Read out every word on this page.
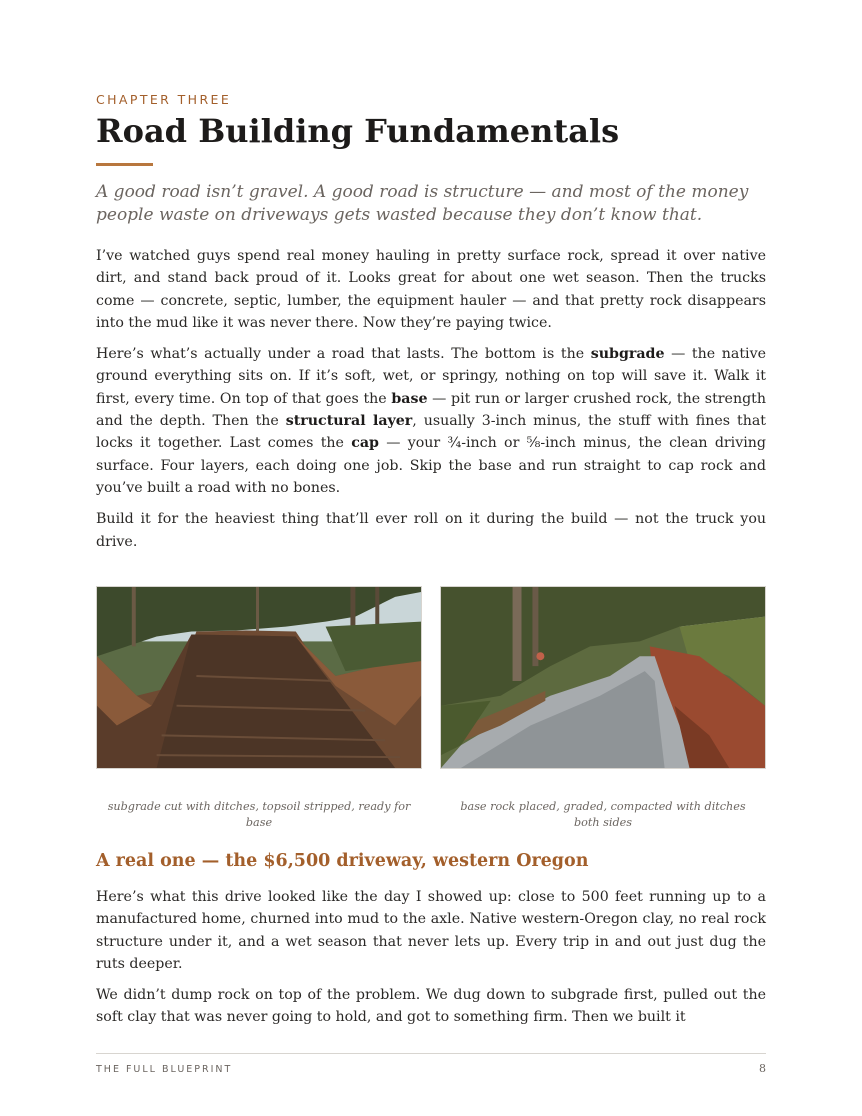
CHAPTER THREE
Road Building Fundamentals

A good road isn’t gravel. A good road is structure — and most of the money people waste on driveways gets wasted because they don’t know that.

I’ve watched guys spend real money hauling in pretty surface rock, spread it over native dirt, and stand back proud of it. Looks great for about one wet season. Then the trucks come — concrete, septic, lumber, the equipment hauler — and that pretty rock disappears into the mud like it was never there. Now they’re paying twice.

Here’s what’s actually under a road that lasts. The bottom is the subgrade — the native ground everything sits on. If it’s soft, wet, or springy, nothing on top will save it. Walk it first, every time. On top of that goes the base — pit run or larger crushed rock, the strength and the depth. Then the structural layer, usually 3-inch minus, the stuff with fines that locks it together. Last comes the cap — your ¾-inch or ⅝-inch minus, the clean driving surface. Four layers, each doing one job. Skip the base and run straight to cap rock and you’ve built a road with no bones.

Build it for the heaviest thing that’ll ever roll on it during the build — not the truck you drive.

subgrade cut with ditches, topsoil stripped, ready for base
base rock placed, graded, compacted with ditches both sides
A real one — the $6,500 driveway, western Oregon

Here’s what this drive looked like the day I showed up: close to 500 feet running up to a manufactured home, churned into mud to the axle. Native western-Oregon clay, no real rock structure under it, and a wet season that never lets up. Every trip in and out just dug the ruts deeper.

We didn’t dump rock on top of the problem. We dug down to subgrade first, pulled out the soft clay that was never going to hold, and got to something firm. Then we built it

THE FULL BLUEPRINT	8
